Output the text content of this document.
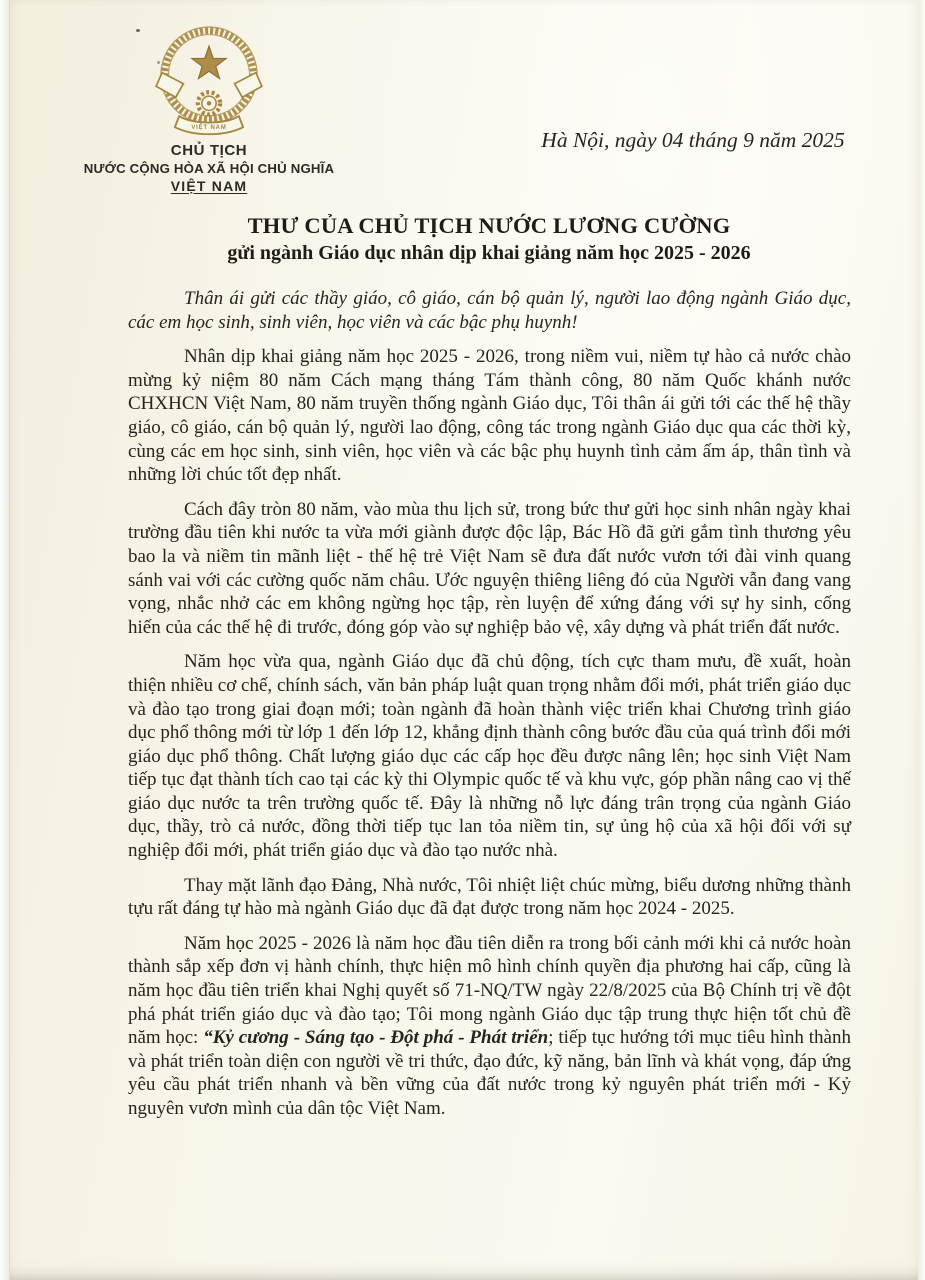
VIỆT NAM
CHỦ TỊCH
NƯỚC CỘNG HÒA XÃ HỘI CHỦ NGHĨA
VIỆT NAM
Hà Nội, ngày 04 tháng 9 năm 2025
THƯ CỦA CHỦ TỊCH NƯỚC LƯƠNG CƯỜNG
gửi ngành Giáo dục nhân dịp khai giảng năm học 2025 - 2026

Thân ái gửi các thầy giáo, cô giáo, cán bộ quản lý, người lao động ngành Giáo dục, các em học sinh, sinh viên, học viên và các bậc phụ huynh!

Nhân dịp khai giảng năm học 2025 - 2026, trong niềm vui, niềm tự hào cả nước chào mừng kỷ niệm 80 năm Cách mạng tháng Tám thành công, 80 năm Quốc khánh nước CHXHCN Việt Nam, 80 năm truyền thống ngành Giáo dục, Tôi thân ái gửi tới các thế hệ thầy giáo, cô giáo, cán bộ quản lý, người lao động, công tác trong ngành Giáo dục qua các thời kỳ, cùng các em học sinh, sinh viên, học viên và các bậc phụ huynh tình cảm ấm áp, thân tình và những lời chúc tốt đẹp nhất.

Cách đây tròn 80 năm, vào mùa thu lịch sử, trong bức thư gửi học sinh nhân ngày khai trường đầu tiên khi nước ta vừa mới giành được độc lập, Bác Hồ đã gửi gắm tình thương yêu bao la và niềm tin mãnh liệt - thế hệ trẻ Việt Nam sẽ đưa đất nước vươn tới đài vinh quang sánh vai với các cường quốc năm châu. Ước nguyện thiêng liêng đó của Người vẫn đang vang vọng, nhắc nhở các em không ngừng học tập, rèn luyện để xứng đáng với sự hy sinh, cống hiến của các thế hệ đi trước, đóng góp vào sự nghiệp bảo vệ, xây dựng và phát triển đất nước.

Năm học vừa qua, ngành Giáo dục đã chủ động, tích cực tham mưu, đề xuất, hoàn thiện nhiều cơ chế, chính sách, văn bản pháp luật quan trọng nhằm đổi mới, phát triển giáo dục và đào tạo trong giai đoạn mới; toàn ngành đã hoàn thành việc triển khai Chương trình giáo dục phổ thông mới từ lớp 1 đến lớp 12, khẳng định thành công bước đầu của quá trình đổi mới giáo dục phổ thông. Chất lượng giáo dục các cấp học đều được nâng lên; học sinh Việt Nam tiếp tục đạt thành tích cao tại các kỳ thi Olympic quốc tế và khu vực, góp phần nâng cao vị thế giáo dục nước ta trên trường quốc tế. Đây là những nỗ lực đáng trân trọng của ngành Giáo dục, thầy, trò cả nước, đồng thời tiếp tục lan tỏa niềm tin, sự ủng hộ của xã hội đối với sự nghiệp đổi mới, phát triển giáo dục và đào tạo nước nhà.

Thay mặt lãnh đạo Đảng, Nhà nước, Tôi nhiệt liệt chúc mừng, biểu dương những thành tựu rất đáng tự hào mà ngành Giáo dục đã đạt được trong năm học 2024 - 2025.

Năm học 2025 - 2026 là năm học đầu tiên diễn ra trong bối cảnh mới khi cả nước hoàn thành sắp xếp đơn vị hành chính, thực hiện mô hình chính quyền địa phương hai cấp, cũng là năm học đầu tiên triển khai Nghị quyết số 71-NQ/TW ngày 22/8/2025 của Bộ Chính trị về đột phá phát triển giáo dục và đào tạo; Tôi mong ngành Giáo dục tập trung thực hiện tốt chủ đề năm học: “Kỷ cương - Sáng tạo - Đột phá - Phát triển; tiếp tục hướng tới mục tiêu hình thành và phát triển toàn diện con người về tri thức, đạo đức, kỹ năng, bản lĩnh và khát vọng, đáp ứng yêu cầu phát triển nhanh và bền vững của đất nước trong kỷ nguyên phát triển mới - Kỷ nguyên vươn mình của dân tộc Việt Nam.
